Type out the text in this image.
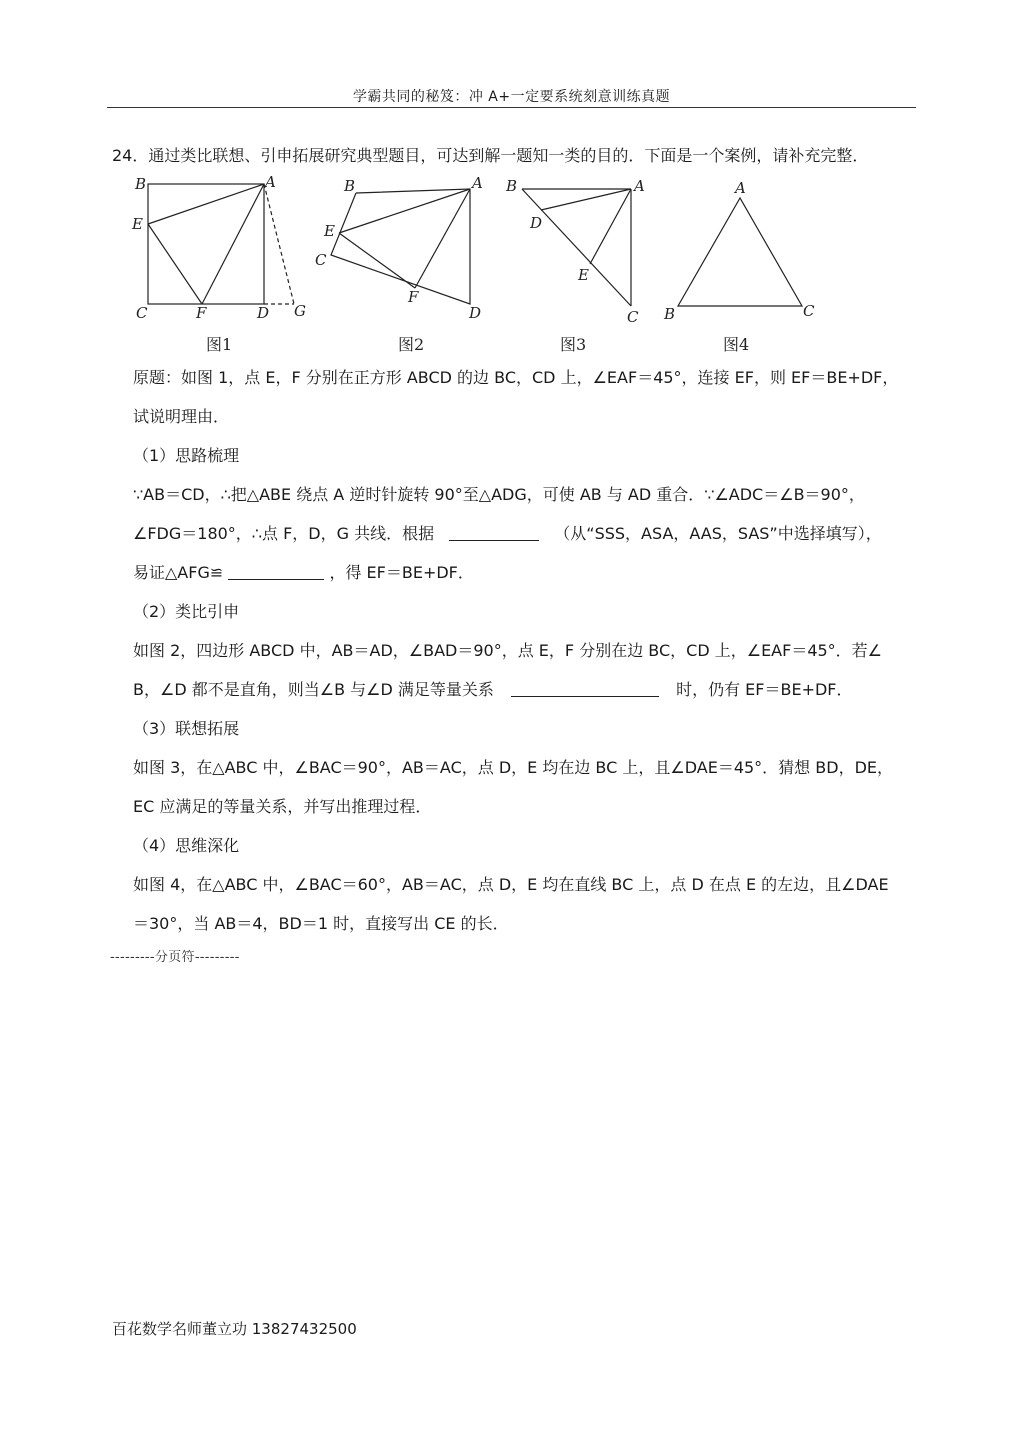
学霸共同的秘笈：冲 A+一定要系统刻意训练真题
24．通过类比联想、引申拓展研究典型题目，可达到解一题知一类的目的．下面是一个案例，请补充完整．
B	A
E
C	F	D G
B	A
E
C
F
D
B	A
D
E
C
A
B	C
图1	图2	图3	图4
原题：如图 1，点 E，F 分别在正方形 ABCD 的边 BC，CD 上，∠EAF＝45°，连接 EF，则 EF＝BE+DF，
试说明理由．
（1）思路梳理
∵AB＝CD，∴把△ABE 绕点 A 逆时针旋转 90°至△ADG，可使 AB 与 AD 重合．∵∠ADC＝∠B＝90°，
∠FDG＝180°，∴点 F，D，G 共线．根据	（从“SSS，ASA，AAS，SAS”中选择填写），
易证△AFG≌	，得 EF＝BE+DF．
（2）类比引申
如图 2，四边形 ABCD 中，AB＝AD，∠BAD＝90°，点 E，F 分别在边 BC，CD 上，∠EAF＝45°．若∠
B，∠D 都不是直角，则当∠B 与∠D 满足等量关系	时，仍有 EF＝BE+DF．
（3）联想拓展
如图 3，在△ABC 中，∠BAC＝90°，AB＝AC，点 D，E 均在边 BC 上，且∠DAE＝45°．猜想 BD，DE，
EC 应满足的等量关系，并写出推理过程．
（4）思维深化
如图 4，在△ABC 中，∠BAC＝60°，AB＝AC，点 D，E 均在直线 BC 上，点 D 在点 E 的左边，且∠DAE
＝30°，当 AB＝4，BD＝1 时，直接写出 CE 的长．
---------分页符---------
百花数学名师董立功 13827432500
